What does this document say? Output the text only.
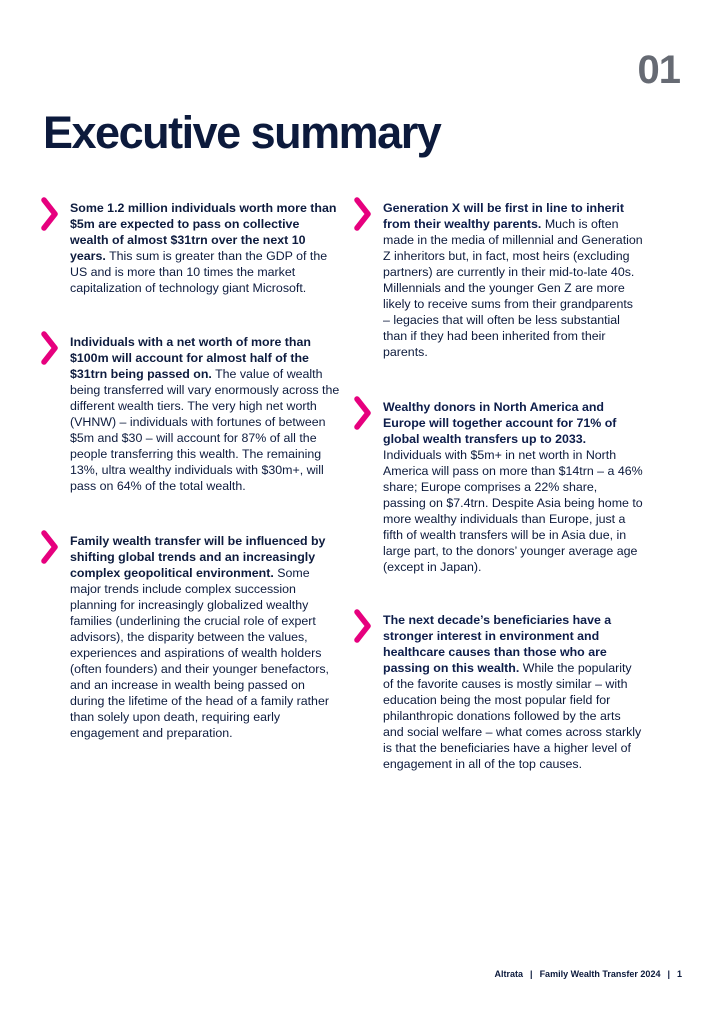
01
Executive summary

Some 1.2 million individuals worth more than $5m are expected to pass on collective wealth of almost $31trn over the next 10 years. This sum is greater than the GDP of the US and is more than 10 times the market capitalization of technology giant Microsoft.

Individuals with a net worth of more than $100m will account for almost half of the $31trn being passed on. The value of wealth being transferred will vary enormously across the different wealth tiers. The very high net worth (VHNW) – individuals with fortunes of between $5m and $30 – will account for 87% of all the people transferring this wealth. The remaining 13%, ultra wealthy individuals with $30m+, will pass on 64% of the total wealth.

Family wealth transfer will be influenced by shifting global trends and an increasingly complex geopolitical environment. Some major trends include complex succession planning for increasingly globalized wealthy families (underlining the crucial role of expert advisors), the disparity between the values, experiences and aspirations of wealth holders (often founders) and their younger benefactors, and an increase in wealth being passed on during the lifetime of the head of a family rather than solely upon death, requiring early engagement and preparation.

Generation X will be first in line to inherit from their wealthy parents. Much is often made in the media of millennial and Generation Z inheritors but, in fact, most heirs (excluding partners) are currently in their mid-to-late 40s. Millennials and the younger Gen Z are more likely to receive sums from their grandparents – legacies that will often be less substantial than if they had been inherited from their parents.

Wealthy donors in North America and Europe will together account for 71% of global wealth transfers up to 2033. Individuals with $5m+ in net worth in North America will pass on more than $14trn – a 46% share; Europe comprises a 22% share, passing on $7.4trn. Despite Asia being home to more wealthy individuals than Europe, just a fifth of wealth transfers will be in Asia due, in large part, to the donors’ younger average age (except in Japan).

The next decade’s beneficiaries have a stronger interest in environment and healthcare causes than those who are passing on this wealth. While the popularity of the favorite causes is mostly similar – with education being the most popular field for philanthropic donations followed by the arts and social welfare – what comes across starkly is that the beneficiaries have a higher level of engagement in all of the top causes.

Altrata | Family Wealth Transfer 2024 | 1
